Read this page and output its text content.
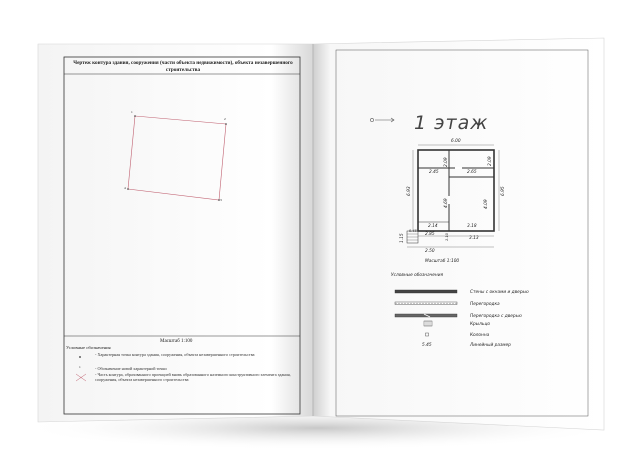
Чертеж контура здания, сооружения (части объекта недвижимости), объекта незавершенного строительства
1
2
3
4
Масштаб 1:100
Условные обозначения
- Характерная точка контура здания, сооружения, объекта незавершенного строительства
- Обозначение новой характерной точки
1
- Часть контура, образованного проекцией вновь образованного наземного конструктивного элемента здания, сооружения, объекта незавершенного строительства
1 этаж
6.00
2.45	2.65
2.09	2.09
6.93	6.95
4.69	4.09
2.14	3.18
2.85
3.13
0.45
1.15	1.10
2.50
Масштаб 1:100
Условные обозначения
Стены с окнами и дверью
Перегородка
Перегородка с дверью
Крыльцо
Колонна
5.45	Линейный размер
